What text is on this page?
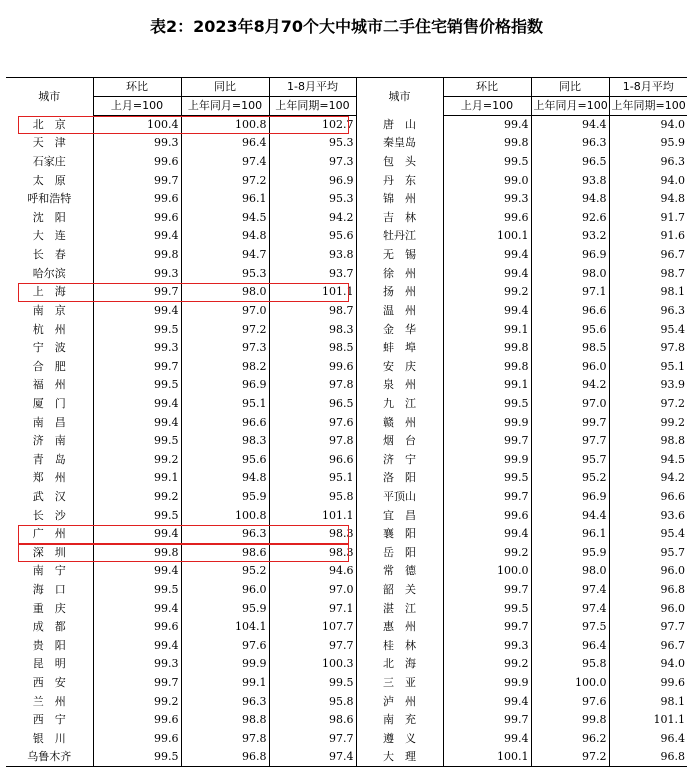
表2：2023年8月70个大中城市二手住宅销售价格指数
城市	环比	同比	1-8月平均	城市	环比	同比	1-8月平均
	上月=100	上年同月=100	上年同期=100		上月=100	上年同月=100	上年同期=100
北　京	100.4	100.8	102.7	唐　山	99.4	94.4	94.0
天　津	99.3	96.4	95.3	秦皇岛	99.8	96.3	95.9
石家庄	99.6	97.4	97.3	包　头	99.5	96.5	96.3
太　原	99.7	97.2	96.9	丹　东	99.0	93.8	94.0
呼和浩特	99.6	96.1	95.3	锦　州	99.3	94.8	94.8
沈　阳	99.6	94.5	94.2	吉　林	99.6	92.6	91.7
大　连	99.4	94.8	95.6	牡丹江	100.1	93.2	91.6
长　春	99.8	94.7	93.8	无　锡	99.4	96.9	96.7
哈尔滨	99.3	95.3	93.7	徐　州	99.4	98.0	98.7
上　海	99.7	98.0	101.1	扬　州	99.2	97.1	98.1
南　京	99.4	97.0	98.7	温　州	99.4	96.6	96.3
杭　州	99.5	97.2	98.3	金　华	99.1	95.6	95.4
宁　波	99.3	97.3	98.5	蚌　埠	99.8	98.5	97.8
合　肥	99.7	98.2	99.6	安　庆	99.8	96.0	95.1
福　州	99.5	96.9	97.8	泉　州	99.1	94.2	93.9
厦　门	99.4	95.1	96.5	九　江	99.5	97.0	97.2
南　昌	99.4	96.6	97.6	赣　州	99.9	99.7	99.2
济　南	99.5	98.3	97.8	烟　台	99.7	97.7	98.8
青　岛	99.2	95.6	96.6	济　宁	99.9	95.7	94.5
郑　州	99.1	94.8	95.1	洛　阳	99.5	95.2	94.2
武　汉	99.2	95.9	95.8	平顶山	99.7	96.9	96.6
长　沙	99.5	100.8	101.1	宜　昌	99.6	94.4	93.6
广　州	99.4	96.3	98.3	襄　阳	99.4	96.1	95.4
深　圳	99.8	98.6	98.3	岳　阳	99.2	95.9	95.7
南　宁	99.4	95.2	94.6	常　德	100.0	98.0	96.0
海　口	99.5	96.0	97.0	韶　关	99.7	97.4	96.8
重　庆	99.4	95.9	97.1	湛　江	99.5	97.4	96.0
成　都	99.6	104.1	107.7	惠　州	99.7	97.5	97.7
贵　阳	99.4	97.6	97.7	桂　林	99.3	96.4	96.7
昆　明	99.3	99.9	100.3	北　海	99.2	95.8	94.0
西　安	99.7	99.1	99.5	三　亚	99.9	100.0	99.6
兰　州	99.2	96.3	95.8	泸　州	99.4	97.6	98.1
西　宁	99.6	98.8	98.6	南　充	99.7	99.8	101.1
银　川	99.6	97.8	97.7	遵　义	99.4	96.2	96.4
乌鲁木齐	99.5	96.8	97.4	大　理	100.1	97.2	96.8
